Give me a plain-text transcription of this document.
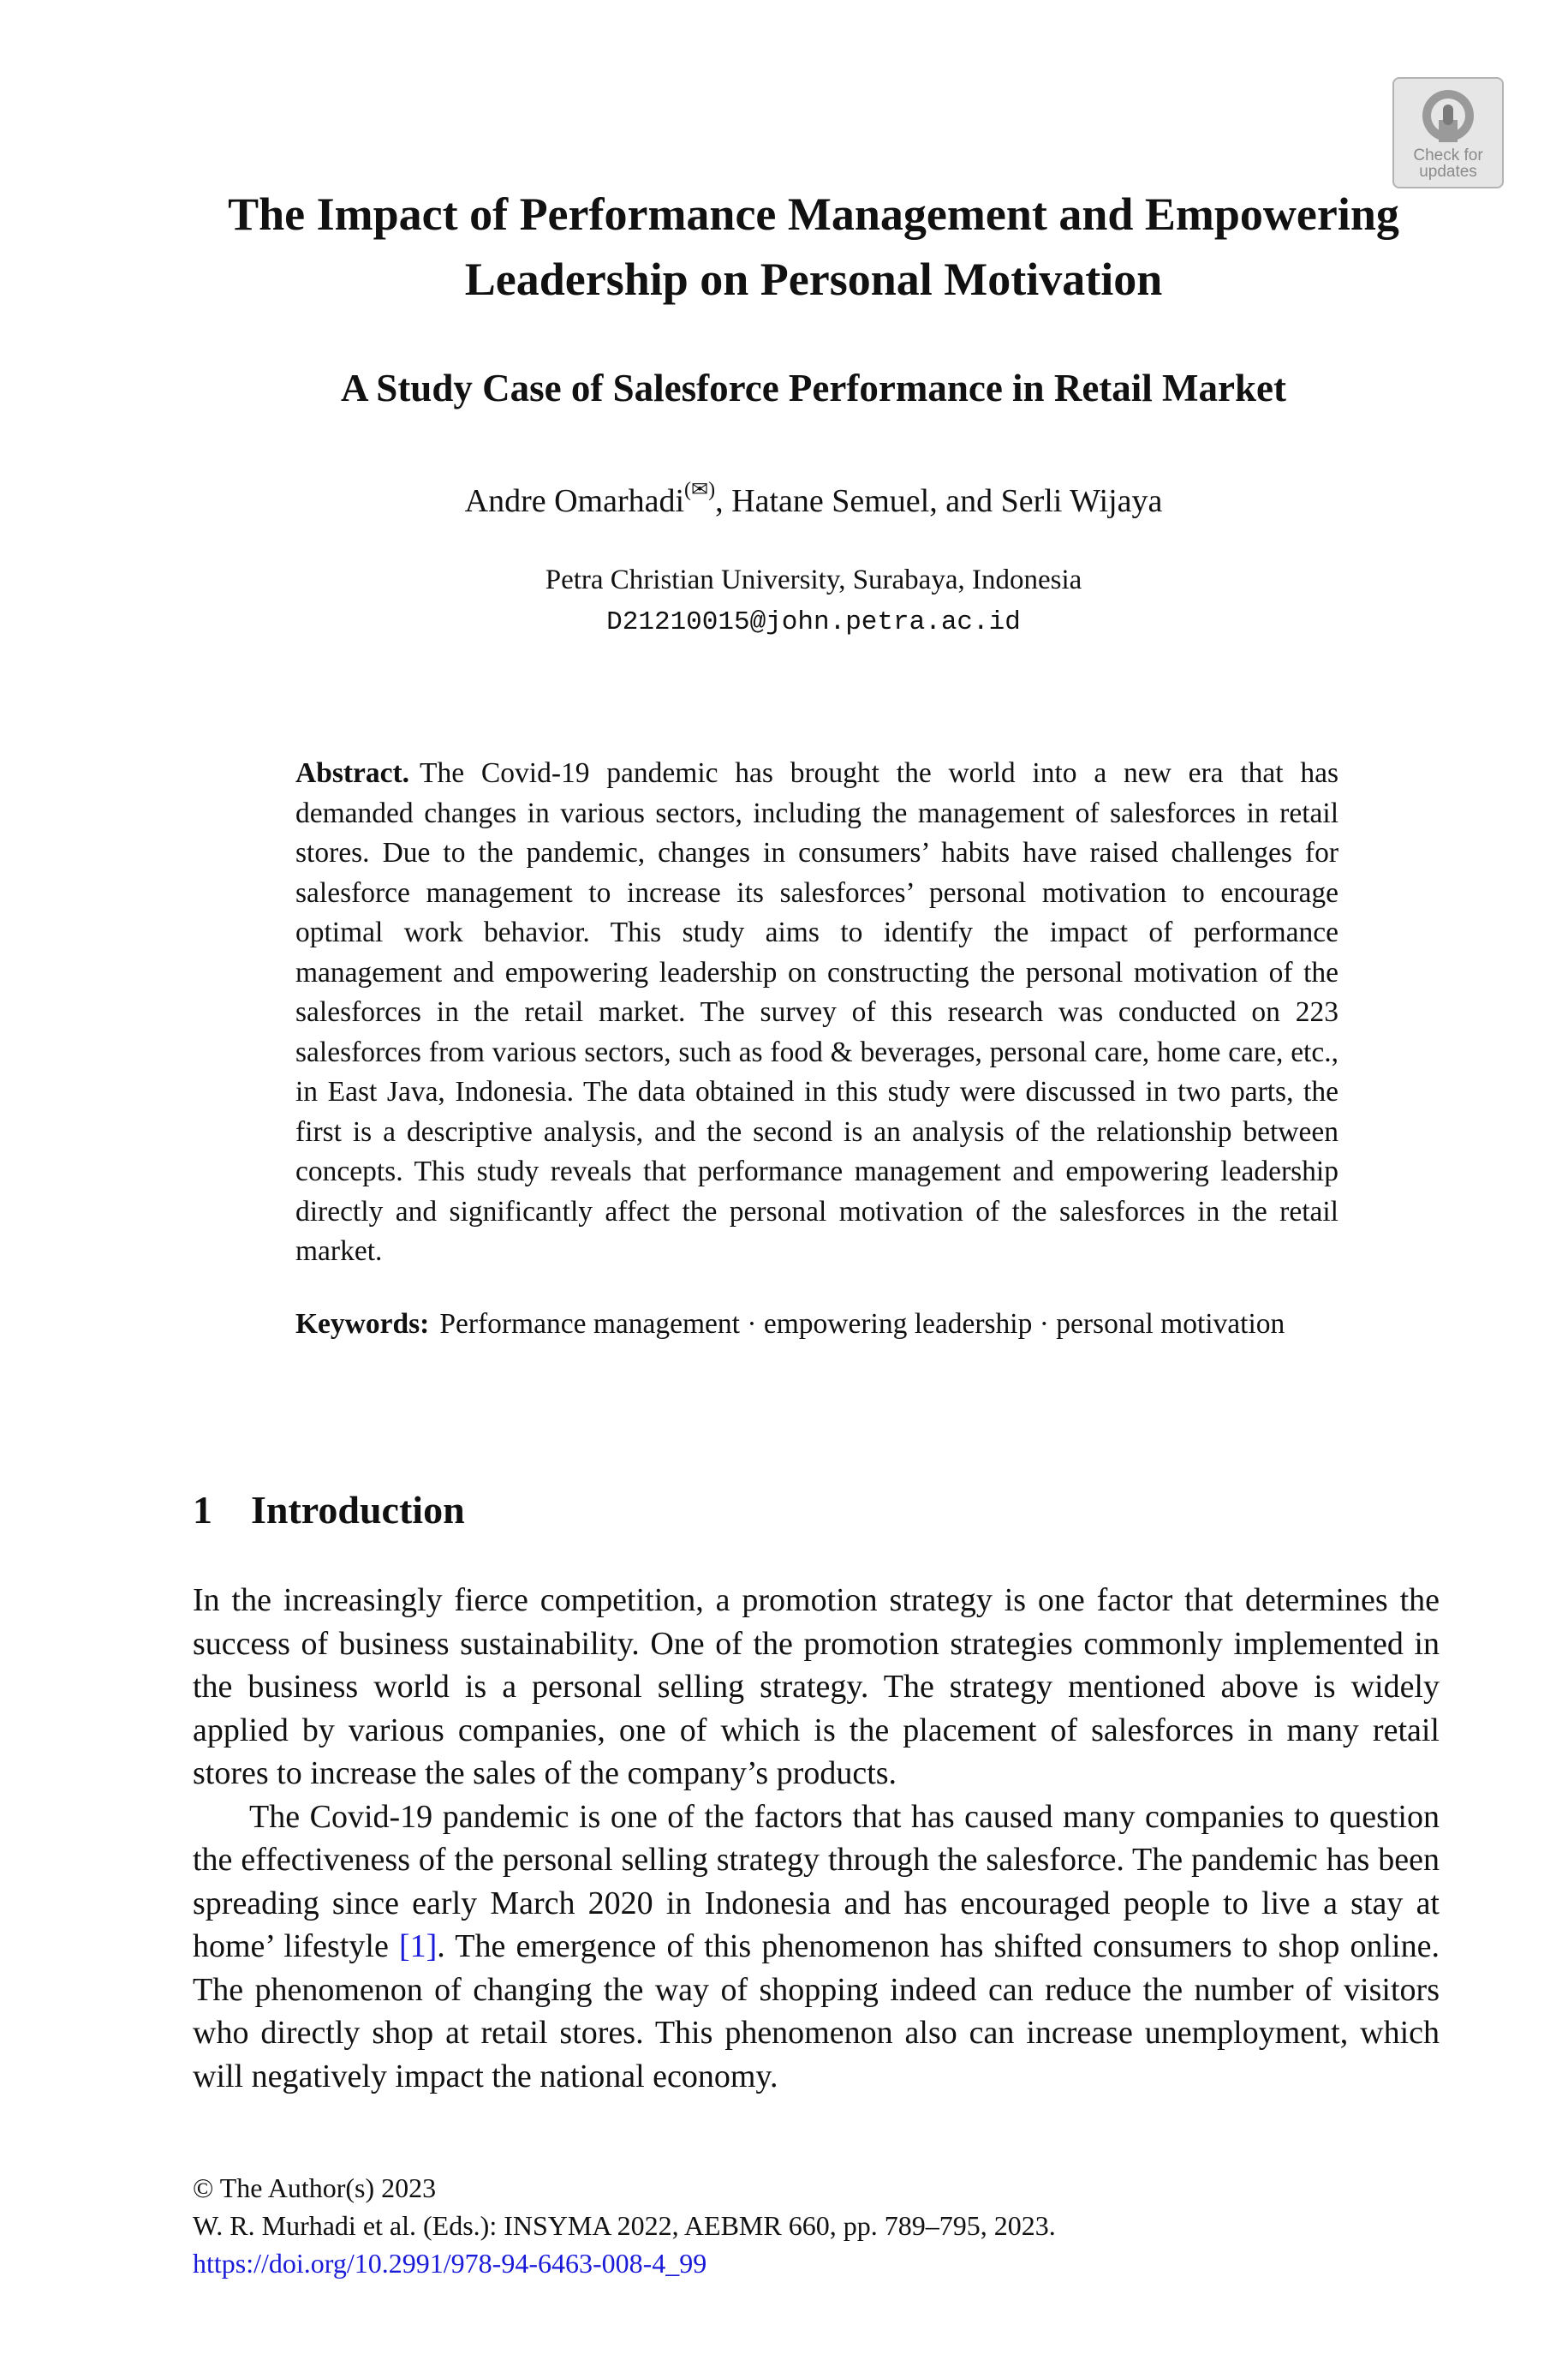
Check for updates
The Impact of Performance Management and Empowering Leadership on Personal Motivation
A Study Case of Salesforce Performance in Retail Market
Andre Omarhadi(✉), Hatane Semuel, and Serli Wijaya
Petra Christian University, Surabaya, Indonesia
D21210015@john.petra.ac.id
Abstract. The Covid-19 pandemic has brought the world into a new era that has demanded changes in various sectors, including the management of salesforces in retail stores. Due to the pandemic, changes in consumers’ habits have raised challenges for salesforce management to increase its salesforces’ personal motivation to encourage optimal work behavior. This study aims to identify the impact of performance management and empowering leadership on constructing the personal motivation of the salesforces in the retail market. The survey of this research was conducted on 223 salesforces from various sectors, such as food & beverages, personal care, home care, etc., in East Java, Indonesia. The data obtained in this study were discussed in two parts, the first is a descriptive analysis, and the second is an analysis of the relationship between concepts. This study reveals that performance management and empowering leadership directly and significantly affect the personal motivation of the salesforces in the retail market.
Keywords: Performance management · empowering leadership · personal motivation
1 Introduction

In the increasingly fierce competition, a promotion strategy is one factor that determines the success of business sustainability. One of the promotion strategies commonly implemented in the business world is a personal selling strategy. The strategy mentioned above is widely applied by various companies, one of which is the placement of salesforces in many retail stores to increase the sales of the company’s products.

The Covid-19 pandemic is one of the factors that has caused many companies to question the effectiveness of the personal selling strategy through the salesforce. The pandemic has been spreading since early March 2020 in Indonesia and has encouraged people to live a stay at home’ lifestyle [1]. The emergence of this phenomenon has shifted consumers to shop online. The phenomenon of changing the way of shopping indeed can reduce the number of visitors who directly shop at retail stores. This phenomenon also can increase unemployment, which will negatively impact the national economy.

© The Author(s) 2023
W. R. Murhadi et al. (Eds.): INSYMA 2022, AEBMR 660, pp. 789–795, 2023.
https://doi.org/10.2991/978-94-6463-008-4_99
